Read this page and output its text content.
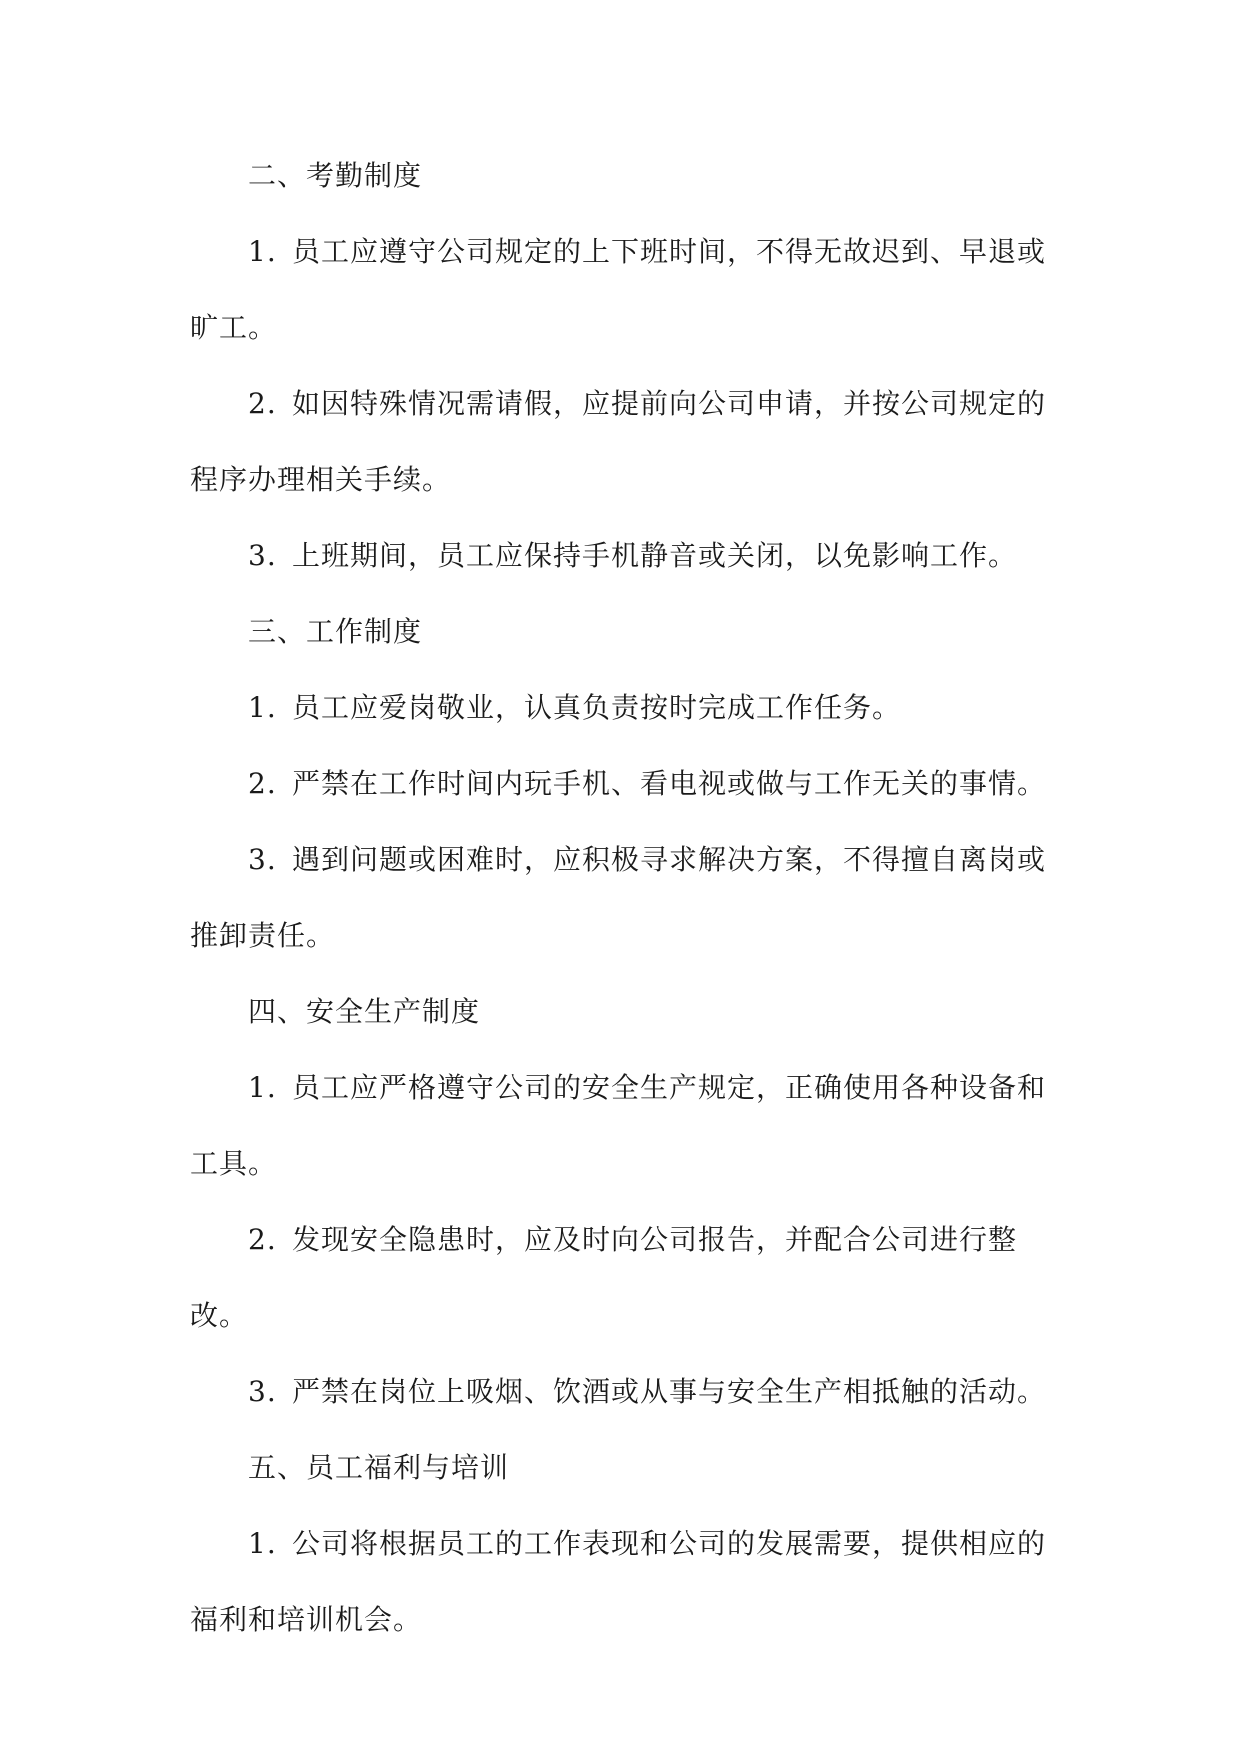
二、考勤制度

1. 员工应遵守公司规定的上下班时间，不得无故迟到、早退或旷工。

2. 如因特殊情况需请假，应提前向公司申请，并按公司规定的程序办理相关手续。

3. 上班期间，员工应保持手机静音或关闭，以免影响工作。

三、工作制度

1. 员工应爱岗敬业，认真负责按时完成工作任务。

2. 严禁在工作时间内玩手机、看电视或做与工作无关的事情。

3. 遇到问题或困难时，应积极寻求解决方案，不得擅自离岗或推卸责任。

四、安全生产制度

1. 员工应严格遵守公司的安全生产规定，正确使用各种设备和工具。

2. 发现安全隐患时，应及时向公司报告，并配合公司进行整改。

3. 严禁在岗位上吸烟、饮酒或从事与安全生产相抵触的活动。

五、员工福利与培训

1. 公司将根据员工的工作表现和公司的发展需要，提供相应的福利和培训机会。
